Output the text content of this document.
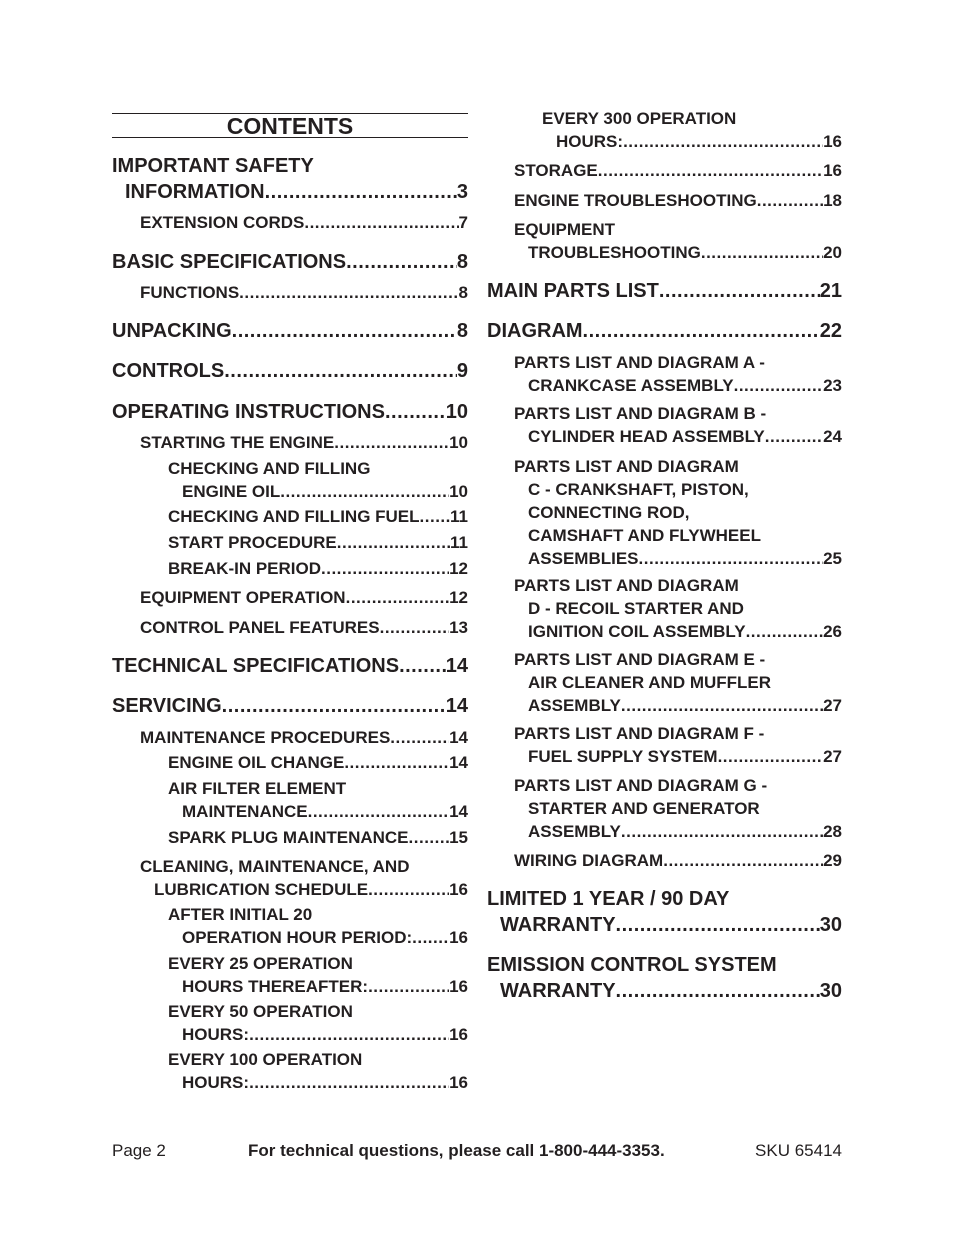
CONTENTS
IMPORTANT SAFETY
INFORMATION .....	3
EXTENSION CORDS .....	7
BASIC SPECIFICATIONS .....	8
FUNCTIONS .....	8
UNPACKING .....	8
CONTROLS .....	9
OPERATING INSTRUCTIONS .....	10
STARTING THE ENGINE .....	10
CHECKING AND FILLING
ENGINE OIL .....	10
CHECKING AND FILLING FUEL ..... 11
START PROCEDURE .....	11
BREAK-IN PERIOD .....	12
EQUIPMENT OPERATION .....	12
CONTROL PANEL FEATURES .....	13
TECHNICAL SPECIFICATIONS ..... 14
SERVICING .....	14
MAINTENANCE PROCEDURES .....	14
ENGINE OIL CHANGE .....	14
AIR FILTER ELEMENT
MAINTENANCE .....	14
SPARK PLUG MAINTENANCE ..... 15
CLEANING, MAINTENANCE, AND
LUBRICATION SCHEDULE .....	16
AFTER INITIAL 20
OPERATION HOUR PERIOD: ..... 16
EVERY 25 OPERATION
HOURS THEREAFTER: .....	16
EVERY 50 OPERATION
HOURS: .....	16
EVERY 100 OPERATION
HOURS: .....	16
EVERY 300 OPERATION
HOURS: .....	16
STORAGE .....	16
ENGINE TROUBLESHOOTING .....	18
EQUIPMENT
TROUBLESHOOTING .....	20
MAIN PARTS LIST .....	21
DIAGRAM .....	22
PARTS LIST AND DIAGRAM A -
CRANKCASE ASSEMBLY .....	23
PARTS LIST AND DIAGRAM B -
CYLINDER HEAD ASSEMBLY .....	24
PARTS LIST AND DIAGRAM
C - CRANKSHAFT, PISTON,
CONNECTING ROD,
CAMSHAFT AND FLYWHEEL
ASSEMBLIES .....	25
PARTS LIST AND DIAGRAM
D - RECOIL STARTER AND
IGNITION COIL ASSEMBLY .....	26
PARTS LIST AND DIAGRAM E -
AIR CLEANER AND MUFFLER
ASSEMBLY .....	27
PARTS LIST AND DIAGRAM F -
FUEL SUPPLY SYSTEM .....	27
PARTS LIST AND DIAGRAM G -
STARTER AND GENERATOR
ASSEMBLY .....	28
WIRING DIAGRAM .....	29
LIMITED 1 YEAR / 90 DAY
WARRANTY .....	30
EMISSION CONTROL SYSTEM
WARRANTY .....	30
Page 2	For technical questions, please call 1-800-444-3353.	SKU 65414
